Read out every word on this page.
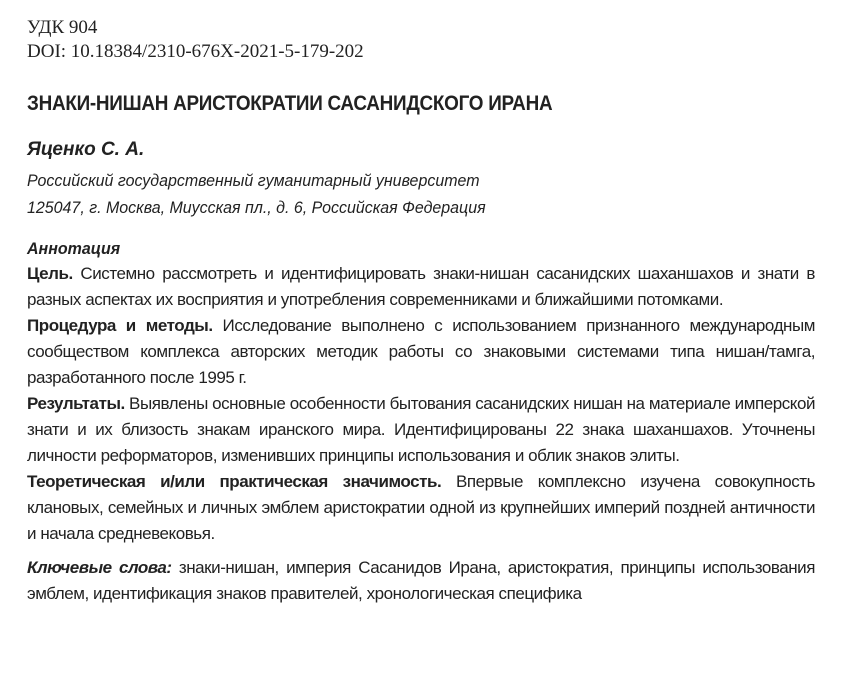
УДК 904
DOI: 10.18384/2310-676X-2021-5-179-202
ЗНАКИ-НИШАН АРИСТОКРАТИИ САСАНИДСКОГО ИРАНА
Яценко С. А.
Российский государственный гуманитарный университет
125047, г. Москва, Миусская пл., д. 6, Российская Федерация
Аннотация
Цель. Системно рассмотреть и идентифицировать знаки-нишан сасанидских шаханшахов и знати в разных аспектах их восприятия и употребления современниками и ближайшими потомками.
Процедура и методы. Исследование выполнено с использованием признанного международным сообществом комплекса авторских методик работы со знаковыми системами типа нишан/тамга, разработанного после 1995 г.
Результаты. Выявлены основные особенности бытования сасанидских нишан на материале имперской знати и их близость знакам иранского мира. Идентифицированы 22 знака шаханшахов. Уточнены личности реформаторов, изменивших принципы использования и облик знаков элиты.
Теоретическая и/или практическая значимость. Впервые комплексно изучена совокупность клановых, семейных и личных эмблем аристократии одной из крупнейших империй поздней античности и начала средневековья.
Ключевые слова: знаки-нишан, империя Сасанидов Ирана, аристократия, принципы использования эмблем, идентификация знаков правителей, хронологическая специфика
